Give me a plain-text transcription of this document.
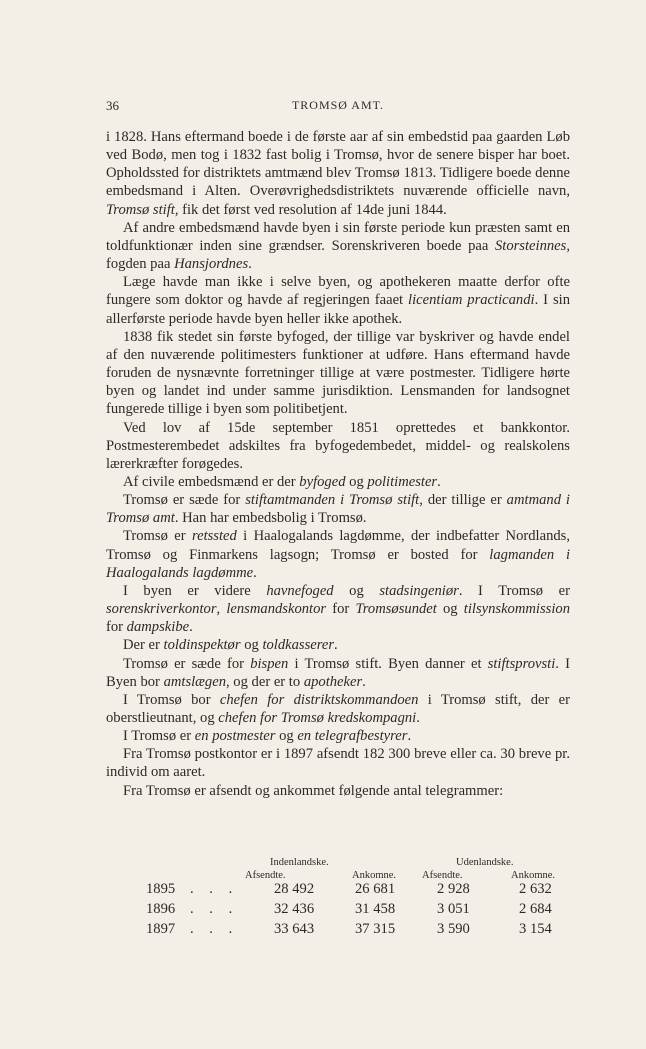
36	TROMSØ AMT.

i 1828. Hans eftermand boede i de første aar af sin embedstid paa gaarden Løb ved Bodø, men tog i 1832 fast bolig i Tromsø, hvor de senere bisper har boet. Opholdssted for distriktets amtmænd blev Tromsø 1813. Tidligere boede denne embedsmand i Alten. Overøvrighedsdistriktets nuværende officielle navn, Tromsø stift, fik det først ved resolution af 14de juni 1844.

Af andre embedsmænd havde byen i sin første periode kun præsten samt en toldfunktionær inden sine grændser. Sorenskriveren boede paa Storsteinnes, fogden paa Hansjordnes.

Læge havde man ikke i selve byen, og apothekeren maatte derfor ofte fungere som doktor og havde af regjeringen faaet licentiam practicandi. I sin allerførste periode havde byen heller ikke apothek.

1838 fik stedet sin første byfoged, der tillige var byskriver og havde endel af den nuværende politimesters funktioner at udføre. Hans eftermand havde foruden de nysnævnte forretninger tillige at være postmester. Tidligere hørte byen og landet ind under samme jurisdiktion. Lensmanden for landsognet fungerede tillige i byen som politibetjent.

Ved lov af 15de september 1851 oprettedes et bankkontor. Postmesterembedet adskiltes fra byfogedembedet, middel- og realskolens lærerkræfter forøgedes.

Af civile embedsmænd er der byfoged og politimester.

Tromsø er sæde for stiftamtmanden i Tromsø stift, der tillige er amtmand i Tromsø amt. Han har embedsbolig i Tromsø.

Tromsø er retssted i Haalogalands lagdømme, der indbefatter Nordlands, Tromsø og Finmarkens lagsogn; Tromsø er bosted for lagmanden i Haalogalands lagdømme.

I byen er videre havnefoged og stadsingeniør. I Tromsø er sorenskriverkontor, lensmandskontor for Tromsøsundet og tilsynskommission for dampskibe.

Der er toldinspektør og toldkasserer.

Tromsø er sæde for bispen i Tromsø stift. Byen danner et stiftsprovsti. I Byen bor amtslægen, og der er to apotheker.

I Tromsø bor chefen for distriktskommandoen i Tromsø stift, der er oberstlieutnant, og chefen for Tromsø kredskompagni.

I Tromsø er en postmester og en telegrafbestyrer.

Fra Tromsø postkontor er i 1897 afsendt 182 300 breve eller ca. 30 breve pr. individ om aaret.

Fra Tromsø er afsendt og ankommet følgende antal telegrammer:

Indenlandske.	Udenlandske.
Afsendte.	Ankomne. Afsendte.	Ankomne.
1895 . . . 28 492	26 681	2 928	2 632
1896 . . . 32 436	31 458	3 051	2 684
1897 . . . 33 643	37 315	3 590	3 154
